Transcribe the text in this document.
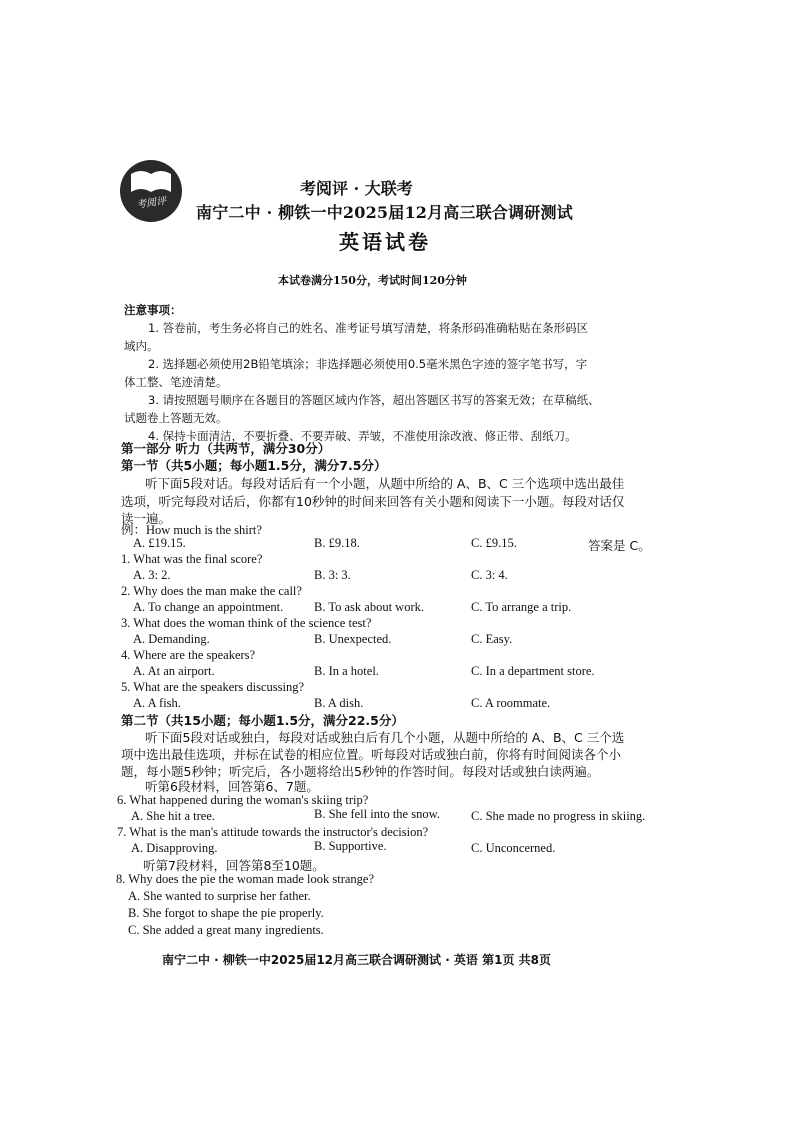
考阅评
考阅评 · 大联考
南宁二中 · 柳铁一中2025届12月高三联合调研测试
英语试卷
本试卷满分150分，考试时间120分钟
注意事项：
1. 答卷前，考生务必将自己的姓名、准考证号填写清楚，将条形码准确粘贴在条形码区
域内。
2. 选择题必须使用2B铅笔填涂；非选择题必须使用0.5毫米黑色字迹的签字笔书写，字
体工整、笔迹清楚。
3. 请按照题号顺序在各题目的答题区域内作答，超出答题区书写的答案无效；在草稿纸、
试题卷上答题无效。
4. 保持卡面清洁，不要折叠、不要弄破、弄皱，不准使用涂改液、修正带、刮纸刀。
第一部分 听力（共两节，满分30分）
第一节（共5小题；每小题1.5分，满分7.5分）
听下面5段对话。每段对话后有一个小题，从题中所给的 A、B、C 三个选项中选出最佳
选项，听完每段对话后，你都有10秒钟的时间来回答有关小题和阅读下一小题。每段对话仅
读一遍。
例：How much is the shirt?
A. £19.15.	B. £9.18.	C. £9.15.	答案是 C。
1. What was the final score?
A. 3: 2.	B. 3: 3.	C. 3: 4.
2. Why does the man make the call?
A. To change an appointment. B. To ask about work.	C. To arrange a trip.
3. What does the woman think of the science test?
A. Demanding.	B. Unexpected.	C. Easy.
4. Where are the speakers?
A. At an airport.	B. In a hotel.	C. In a department store.
5. What are the speakers discussing?
A. A fish.	B. A dish.	C. A roommate.
第二节（共15小题；每小题1.5分，满分22.5分）
听下面5段对话或独白，每段对话或独白后有几个小题，从题中所给的 A、B、C 三个选
项中选出最佳选项，并标在试卷的相应位置。听每段对话或独白前，你将有时间阅读各个小
题，每小题5秒钟；听完后，各小题将给出5秒钟的作答时间。每段对话或独白读两遍。
听第6段材料，回答第6、7题。
6. What happened during the woman's skiing trip?
A. She hit a tree.	B. She fell into the snow. C. She made no progress in skiing.
7. What is the man's attitude towards the instructor's decision?
A. Disapproving.	B. Supportive.	C. Unconcerned.
听第7段材料，回答第8至10题。
8. Why does the pie the woman made look strange?
A. She wanted to surprise her father.
B. She forgot to shape the pie properly.
C. She added a great many ingredients.
南宁二中 · 柳铁一中2025届12月高三联合调研测试 · 英语 第1页 共8页
